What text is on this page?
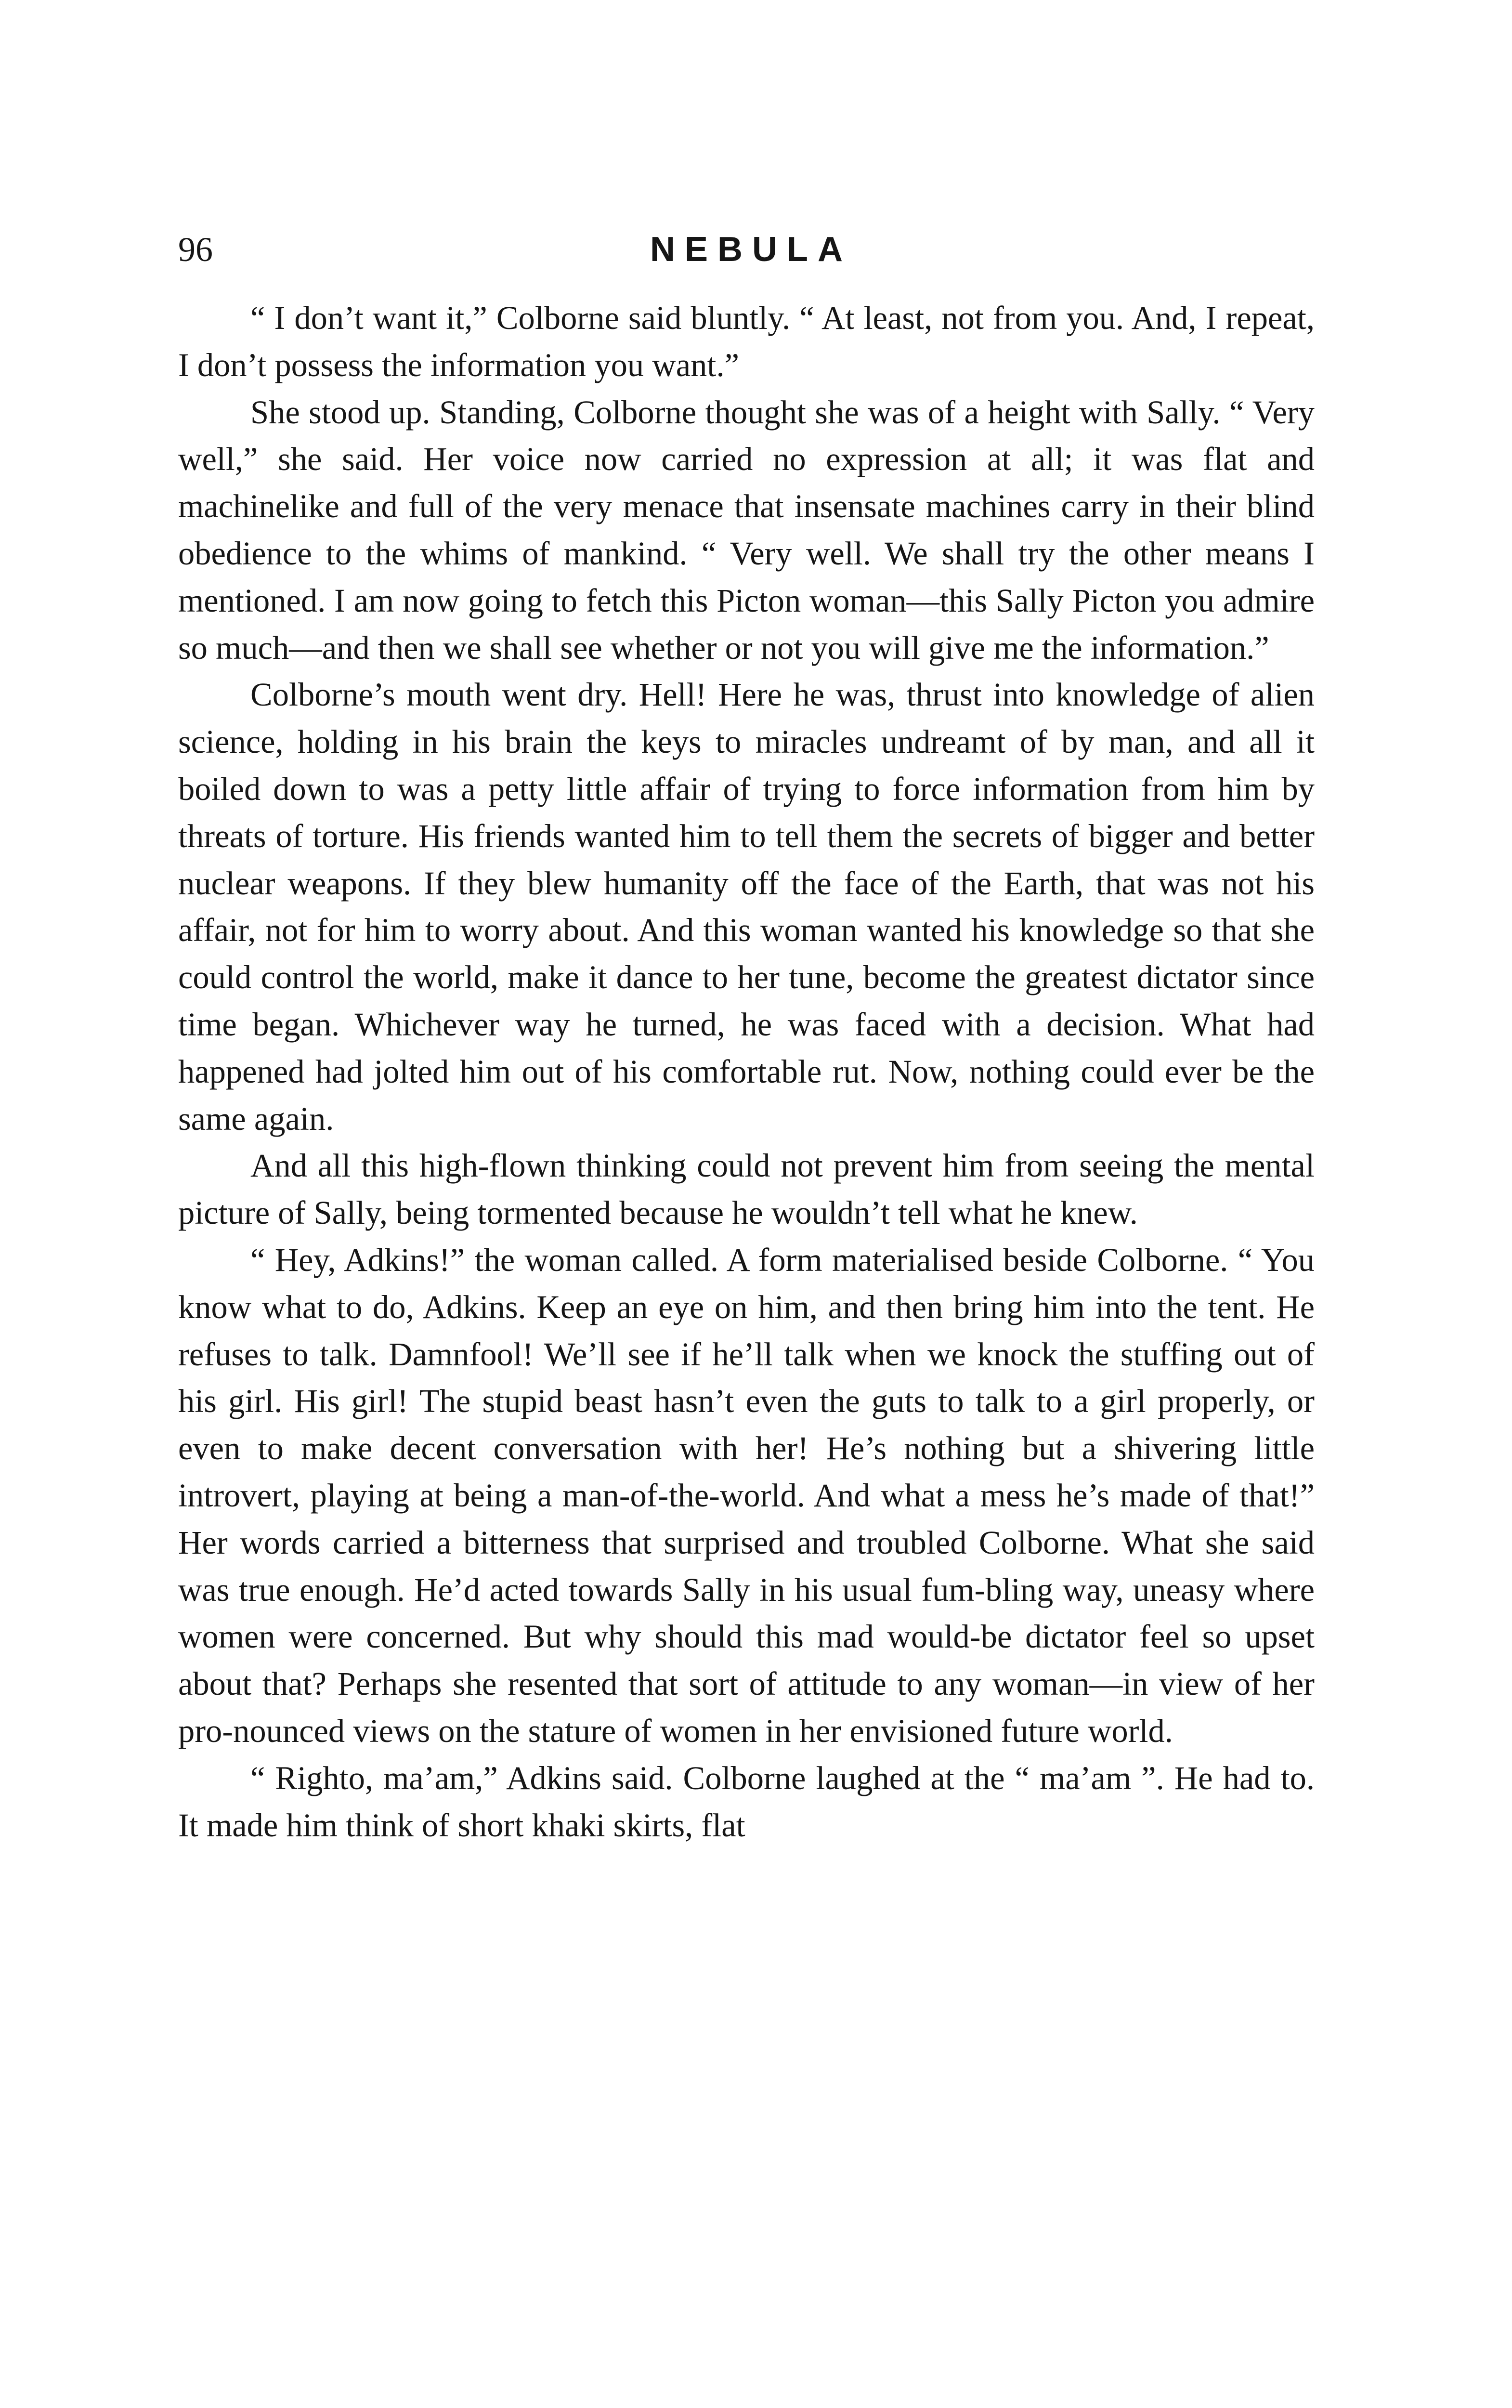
96	NEBULA

“ I don’t want it,” Colborne said bluntly. “ At least, not from you. And, I repeat, I don’t possess the information you want.”

She stood up. Standing, Colborne thought she was of a height with Sally. “ Very well,” she said. Her voice now carried no expression at all; it was flat and machinelike and full of the very menace that insensate machines carry in their blind obedience to the whims of mankind. “ Very well. We shall try the other means I mentioned. I am now going to fetch this Picton woman—this Sally Picton you admire so much—and then we shall see whether or not you will give me the information.”

Colborne’s mouth went dry. Hell! Here he was, thrust into knowledge of alien science, holding in his brain the keys to miracles undreamt of by man, and all it boiled down to was a petty little affair of trying to force information from him by threats of torture. His friends wanted him to tell them the secrets of bigger and better nuclear weapons. If they blew humanity off the face of the Earth, that was not his affair, not for him to worry about. And this woman wanted his knowledge so that she could control the world, make it dance to her tune, become the greatest dictator since time began. Whichever way he turned, he was faced with a decision. What had happened had jolted him out of his comfortable rut. Now, nothing could ever be the same again.

And all this high-flown thinking could not prevent him from seeing the mental picture of Sally, being tormented because he wouldn’t tell what he knew.

“ Hey, Adkins!” the woman called. A form materialised beside Colborne. “ You know what to do, Adkins. Keep an eye on him, and then bring him into the tent. He refuses to talk. Damnfool! We’ll see if he’ll talk when we knock the stuffing out of his girl. His girl! The stupid beast hasn’t even the guts to talk to a girl properly, or even to make decent conversation with her! He’s nothing but a shivering little introvert, playing at being a man-of-the-world. And what a mess he’s made of that!” Her words carried a bitterness that surprised and troubled Colborne. What she said was true enough. He’d acted towards Sally in his usual fum-bling way, uneasy where women were concerned. But why should this mad would-be dictator feel so upset about that? Perhaps she resented that sort of attitude to any woman—in view of her pro-nounced views on the stature of women in her envisioned future world.

“ Righto, ma’am,” Adkins said. Colborne laughed at the “ ma’am ”. He had to. It made him think of short khaki skirts, flat
